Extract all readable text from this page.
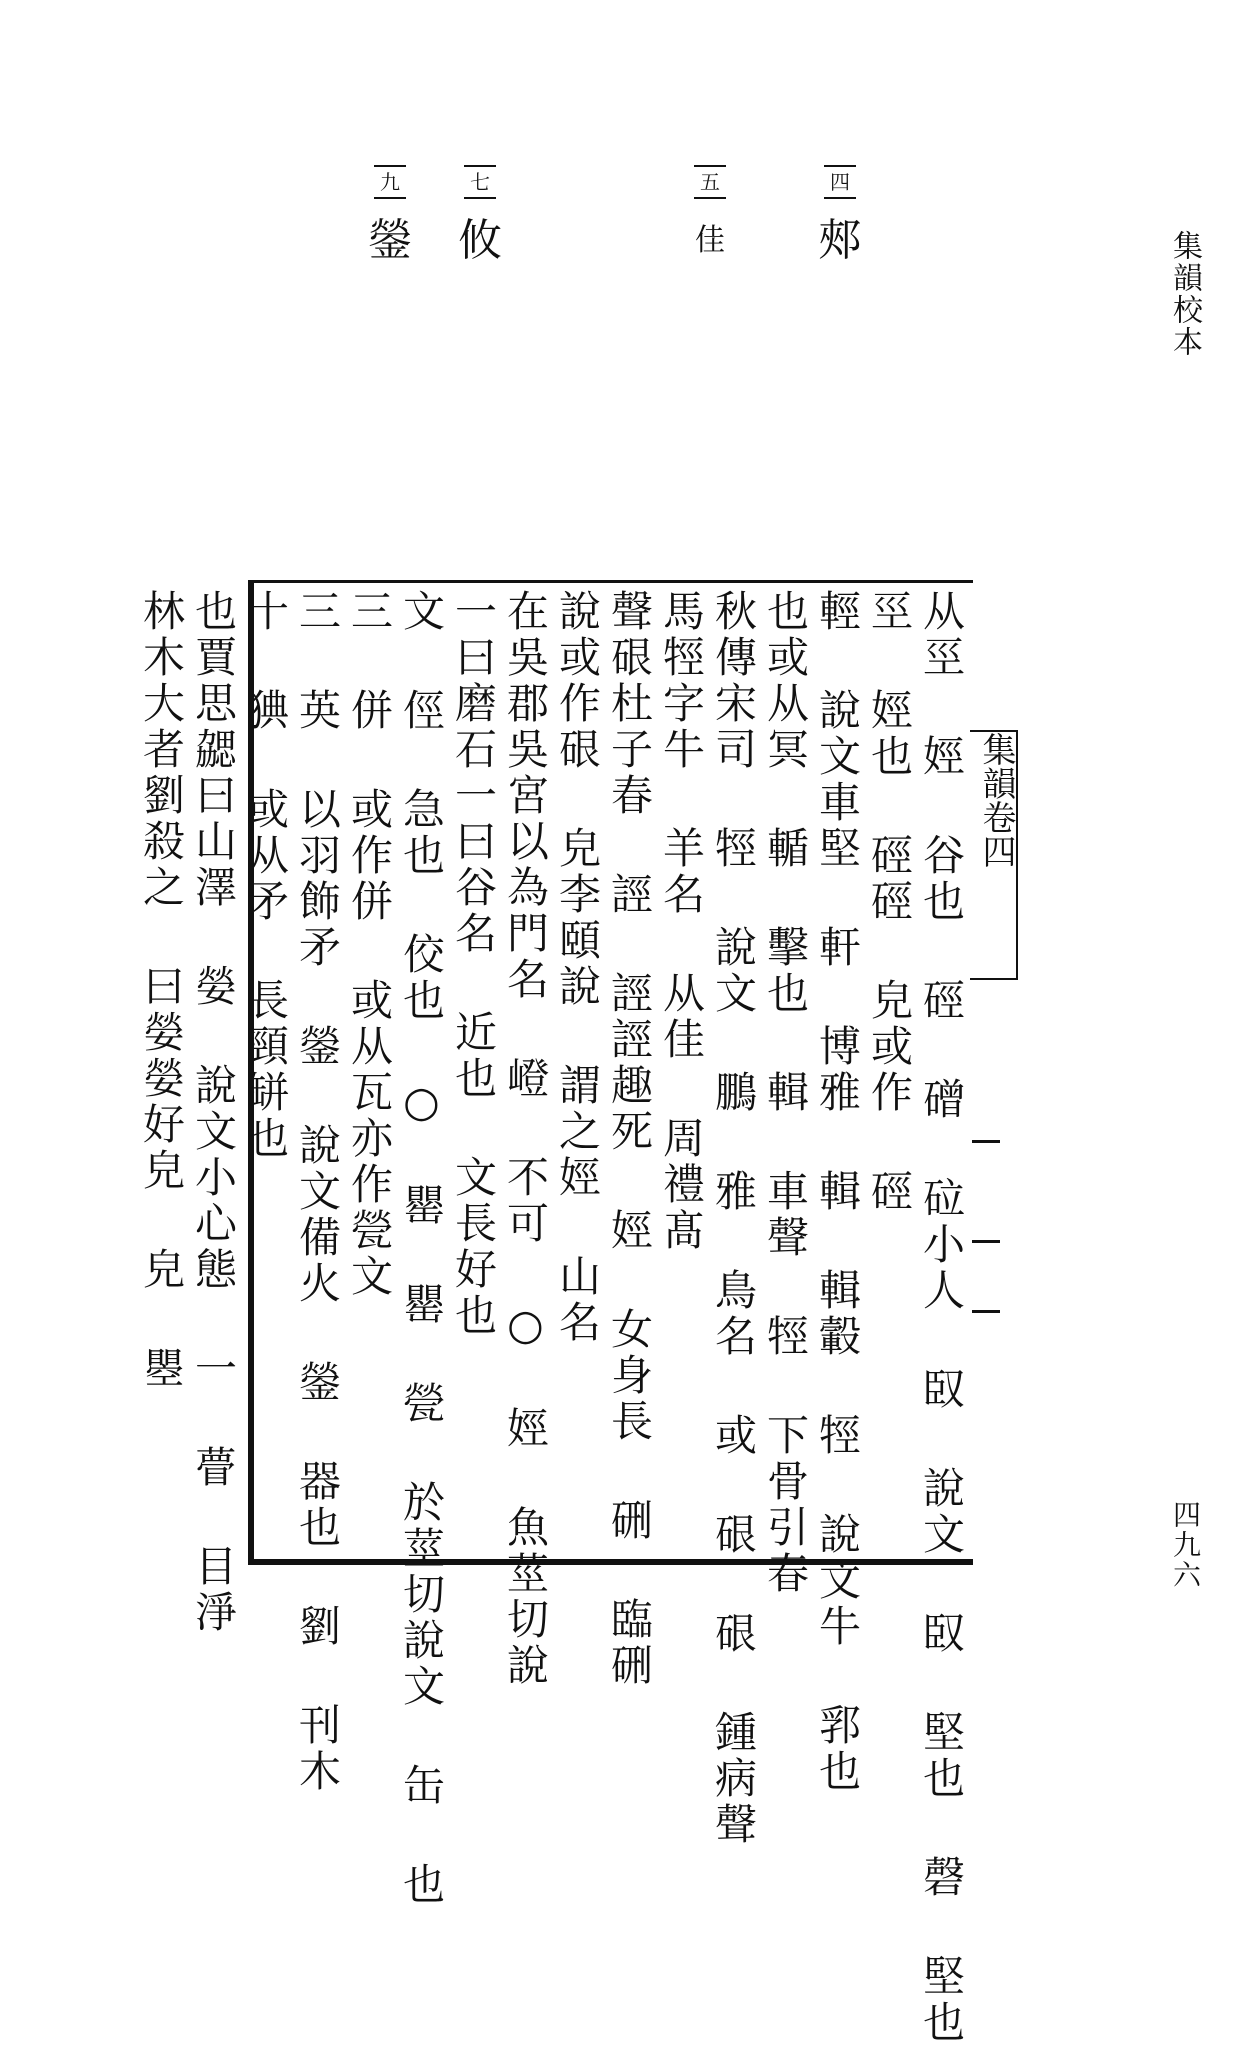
集韻校本
四九六
四
郟
五
佳
七
攸
九
鎣
从巠 娙 谷也 硜 磳 砬小人 臤 說文 臤 堅也 磬 堅也
巠 娙也 硜硜 皃或作 硜
輕 說文車堅 軒 博雅 輯 輯轂 牼 說文牛 郛也
也或从冥 輴 擊也 輯 車聲 牼 下骨引春
秋傳宋司 牼 說文 鵬 雅 鳥名 或 硍 硍 鍾病聲
馬牼字牛 羊名 从佳 周禮髙
聲硍杜子春 誙 誙誙趣死 娙 女身長 硎 臨硎
說或作硍 皃李頤說 謂之娙 山名
在吳郡吳宮以為門名 嶝 不可 ○ 娙 魚莖切說
一曰磨石一曰谷名 近也 文長好也
文 俓 急也 佼也 ○ 罌 罌 甇 於莖切說文 缶 也
三 併 或作併 或从瓦亦作甇文
三 英 以羽飾矛 鎣 說文備火 鎣 器也 劉 刊木
十 猠 或从矛 長頸缾也
也賈思勰曰山澤 嫈 說文小心態 一 瞢 目淨
林木大者劉殺之 曰嫈嫈好皃 皃 瞾	集韻卷四
